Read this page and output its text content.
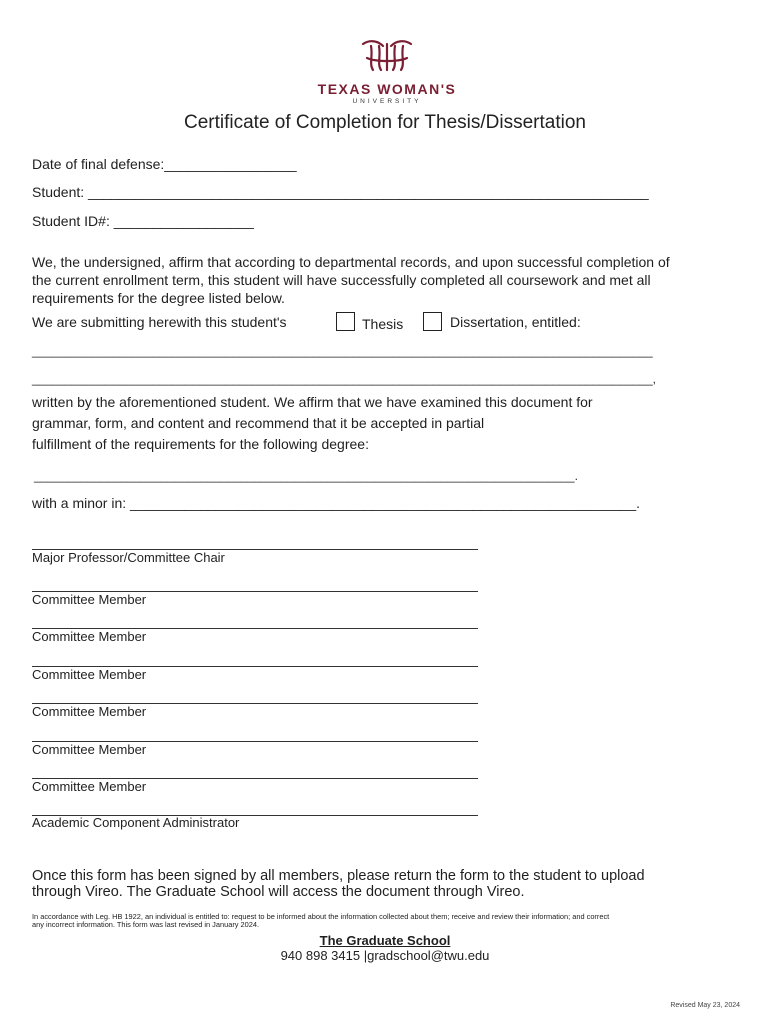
TEXAS WOMAN'S
UNIVERSITY
Certificate of Completion for Thesis/Dissertation
Date of final defense:_________________
Student: ________________________________________________________________________
Student ID#: __________________
We, the undersigned, affirm that according to departmental records, and upon successful completion of the current enrollment term, this student will have successfully completed all coursework and met all requirements for the degree listed below.
We are submitting herewith this student's	Thesis	Dissertation, entitled:
_____________________________________________________________________________________________
_____________________________________________________________________________________________,
written by the aforementioned student. We affirm that we have examined this document for
grammar, form, and content and recommend that it be accepted in partial
fulfillment of the requirements for the following degree:
_________________________________________________________________________________.
with a minor in: _________________________________________________________________.
Major Professor/Committee Chair
Committee Member
Committee Member
Committee Member
Committee Member
Committee Member
Committee Member
Academic Component Administrator
Once this form has been signed by all members, please return the form to the student to upload
through Vireo. The Graduate School will access the document through Vireo.
In accordance with Leg. HB 1922, an individual is entitled to: request to be informed about the information collected about them; receive and review their information; and correct
any incorrect information. This form was last revised in January 2024.
The Graduate School
940 898 3415 |gradschool@twu.edu
Revised May 23, 2024
